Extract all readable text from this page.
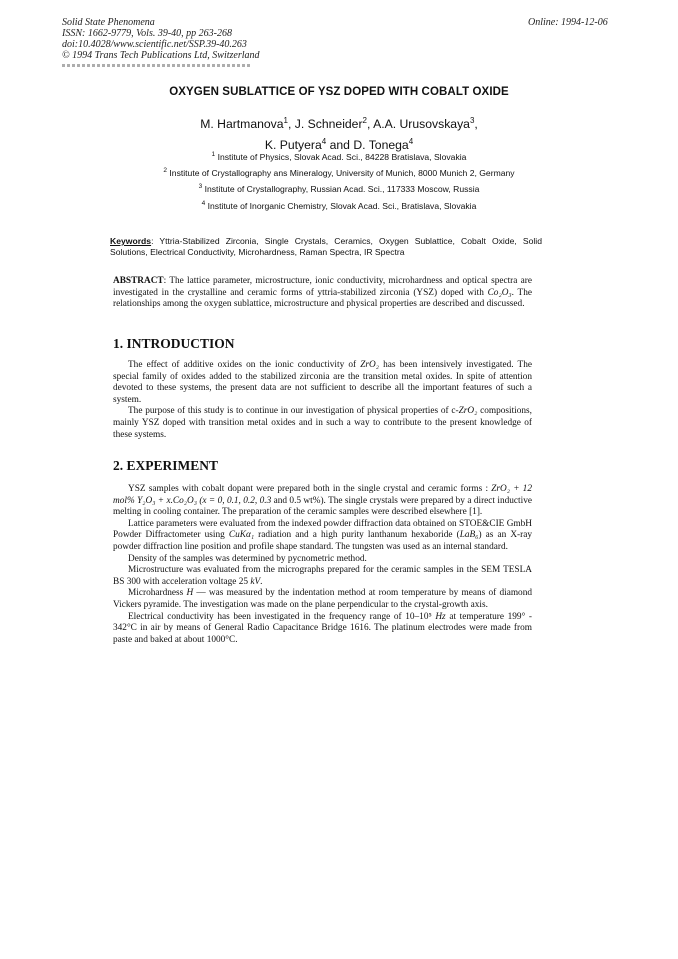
Solid State Phenomena
ISSN: 1662-9779, Vols. 39-40, pp 263-268
doi:10.4028/www.scientific.net/SSP.39-40.263
© 1994 Trans Tech Publications Ltd, Switzerland
Online: 1994-12-06
OXYGEN SUBLATTICE OF YSZ DOPED WITH COBALT OXIDE
M. Hartmanova$^1$, J. Schneider$^2$, A.A. Urusovskaya$^3$,
K. Putyera$^4$ and D. Tonega$^4$
$^1$ Institute of Physics, Slovak Acad. Sci., 84228 Bratislava, Slovakia
$^2$ Institute of Crystallography ans Mineralogy, University of Munich, 8000 Munich 2, Germany
$^3$ Institute of Crystallography, Russian Acad. Sci., 117333 Moscow, Russia
$^4$ Institute of Inorganic Chemistry, Slovak Acad. Sci., Bratislava, Slovakia
Keywords: Yttria-Stabilized Zirconia, Single Crystals, Ceramics, Oxygen Sublattice, Cobalt Oxide, Solid Solutions, Electrical Conductivity, Microhardness, Raman Spectra, IR Spectra

ABSTRACT: The lattice parameter, microstructure, ionic conductivity, microhardness and optical spectra are investigated in the crystalline and ceramic forms of yttria-stabilized zirconia (YSZ) doped with Co₂O₃. The relationships among the oxygen sublattice, microstructure and physical properties are described and discussed.

1. INTRODUCTION

The effect of additive oxides on the ionic conductivity of ZrO₂ has been intensively investigated. The special family of oxides added to the stabilized zirconia are the transition metal oxides. In spite of attention devoted to these systems, the present data are not sufficient to describe all the important features of such a system.

The purpose of this study is to continue in our investigation of physical properties of c-ZrO₂ compositions, mainly YSZ doped with transition metal oxides and in such a way to contribute to the present knowledge of these systems.

2. EXPERIMENT

YSZ samples with cobalt dopant were prepared both in the single crystal and ceramic forms : ZrO₂ + 12 mol% Y₂O₃ + x.Co₂O₃ (x = 0, 0.1, 0.2, 0.3 and 0.5 wt%). The single crystals were prepared by a direct inductive melting in cooling container. The preparation of the ceramic samples were described elsewhere [1].

Lattice parameters were evaluated from the indexed powder diffraction data obtained on STOE&CIE GmbH Powder Diffractometer using CuKα₁ radiation and a high purity lanthanum hexaboride (LaB₆) as an X-ray powder diffraction line position and profile shape standard. The tungsten was used as an internal standard.

Density of the samples was determined by pycnometric method.

Microstructure was evaluated from the micrographs prepared for the ceramic samples in the SEM TESLA BS 300 with acceleration voltage 25 kV.

Microhardness H — was measured by the indentation method at room temperature by means of diamond Vickers pyramide. The investigation was made on the plane perpendicular to the crystal-growth axis.

Electrical conductivity has been investigated in the frequency range of 10–10⁵ Hz at temperature 199° - 342°C in air by means of General Radio Capacitance Bridge 1616. The platinum electrodes were made from paste and baked at about 1000°C.
